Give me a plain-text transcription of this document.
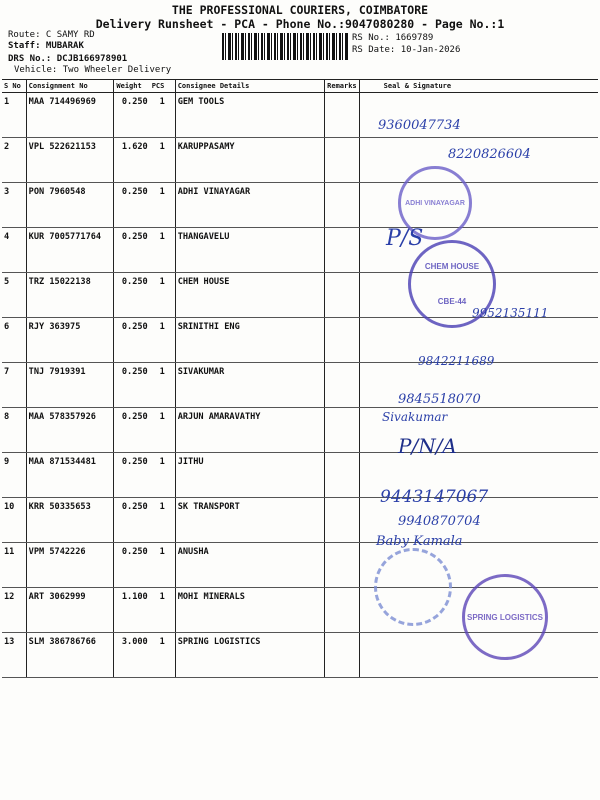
THE PROFESSIONAL COURIERS, COIMBATORE
Delivery Runsheet - PCA - Phone No.:9047080280 - Page No.:1
Route: C SAMY RD
Staff: MUBARAK
DRS No.: DCJB166978901
Vehicle: Two Wheeler Delivery
RS No.: 1669789
RS Date: 10-Jan-2026
S No	Consignment No	Weight	PCS	Consignee Details	Remarks	Seal & Signature
1	MAA 714496969	0.250	1	GEM TOOLS		
2	VPL 522621153	1.620	1	KARUPPASAMY		
3	PON 7960548	0.250	1	ADHI VINAYAGAR		
4	KUR 7005771764	0.250	1	THANGAVELU		
5	TRZ 15022138	0.250	1	CHEM HOUSE		
6	RJY 363975	0.250	1	SRINITHI ENG		
7	TNJ 7919391	0.250	1	SIVAKUMAR		
8	MAA 578357926	0.250	1	ARJUN AMARAVATHY		
9	MAA 871534481	0.250	1	JITHU		
10	KRR 50335653	0.250	1	SK TRANSPORT		
11	VPM 5742226	0.250	1	ANUSHA		
12	ART 3062999	1.100	1	MOHI MINERALS		
13	SLM 386786766	3.000	1	SPRING LOGISTICS		
9360047734
8220826604
ADHI VINAYAGAR
P/S
CHEM HOUSE
CBE-44
9952135111
9842211689
9845518070
Sivakumar
P/N/A
9443147067
9940870704
Baby Kamala
SPRING LOGISTICS
